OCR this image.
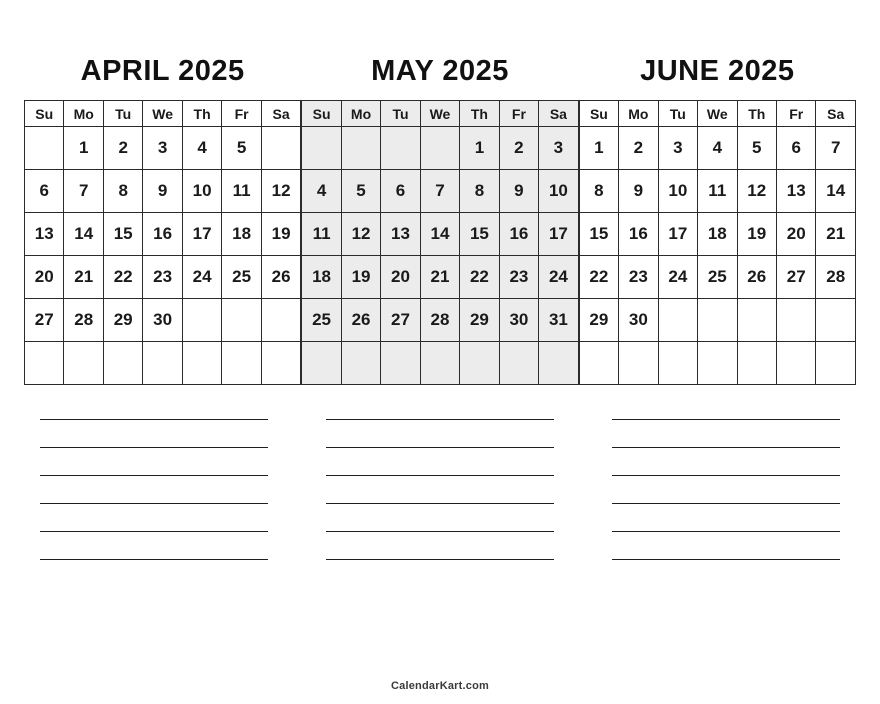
APRIL 2025	MAY 2025	JUNE 2025
Su	Mo	Tu	We	Th	Fr	Sa
	1	2	3	4	5	
6	7	8	9	10	11	12
13	14	15	16	17	18	19
20	21	22	23	24	25	26
27	28	29	30			

Su	Mo	Tu	We	Th	Fr	Sa
				1	2	3
4	5	6	7	8	9	10
11	12	13	14	15	16	17
18	19	20	21	22	23	24
25	26	27	28	29	30	31

Su	Mo	Tu	We	Th	Fr	Sa
1	2	3	4	5	6	7
8	9	10	11	12	13	14
15	16	17	18	19	20	21
22	23	24	25	26	27	28
29	30					

CalendarKart.com
